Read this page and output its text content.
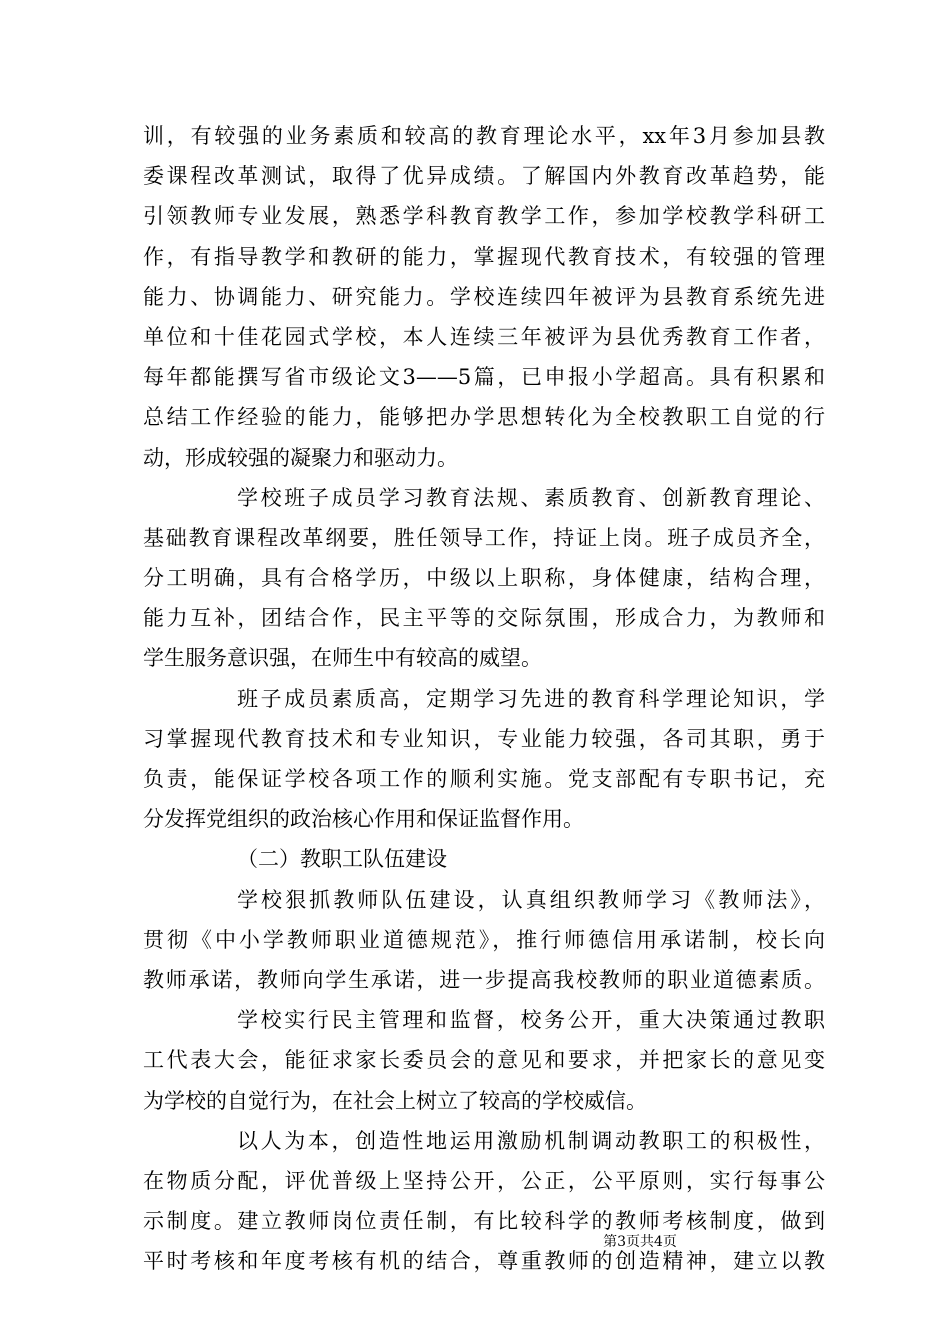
训，有较强的业务素质和较高的教育理论水平，xx年3月参加县教
委课程改革测试，取得了优异成绩。了解国内外教育改革趋势，能
引领教师专业发展，熟悉学科教育教学工作，参加学校教学科研工
作，有指导教学和教研的能力，掌握现代教育技术，有较强的管理
能力、协调能力、研究能力。学校连续四年被评为县教育系统先进
单位和十佳花园式学校，本人连续三年被评为县优秀教育工作者，
每年都能撰写省市级论文3——5篇，已申报小学超高。具有积累和
总结工作经验的能力，能够把办学思想转化为全校教职工自觉的行
动，形成较强的凝聚力和驱动力。
学校班子成员学习教育法规、素质教育、创新教育理论、
基础教育课程改革纲要，胜任领导工作，持证上岗。班子成员齐全，
分工明确，具有合格学历，中级以上职称，身体健康，结构合理，
能力互补，团结合作，民主平等的交际氛围，形成合力，为教师和
学生服务意识强，在师生中有较高的威望。
班子成员素质高，定期学习先进的教育科学理论知识，学
习掌握现代教育技术和专业知识，专业能力较强，各司其职，勇于
负责，能保证学校各项工作的顺利实施。党支部配有专职书记，充
分发挥党组织的政治核心作用和保证监督作用。
（二）教职工队伍建设
学校狠抓教师队伍建设，认真组织教师学习《教师法》，
贯彻《中小学教师职业道德规范》，推行师德信用承诺制，校长向
教师承诺，教师向学生承诺，进一步提高我校教师的职业道德素质。
学校实行民主管理和监督，校务公开，重大决策通过教职
工代表大会，能征求家长委员会的意见和要求，并把家长的意见变
为学校的自觉行为，在社会上树立了较高的学校威信。
以人为本，创造性地运用激励机制调动教职工的积极性，
在物质分配，评优普级上坚持公开，公正，公平原则，实行每事公
示制度。建立教师岗位责任制，有比较科学的教师考核制度，做到
平时考核和年度考核有机的结合，尊重教师的创造精神，建立以教
第3页共4页
